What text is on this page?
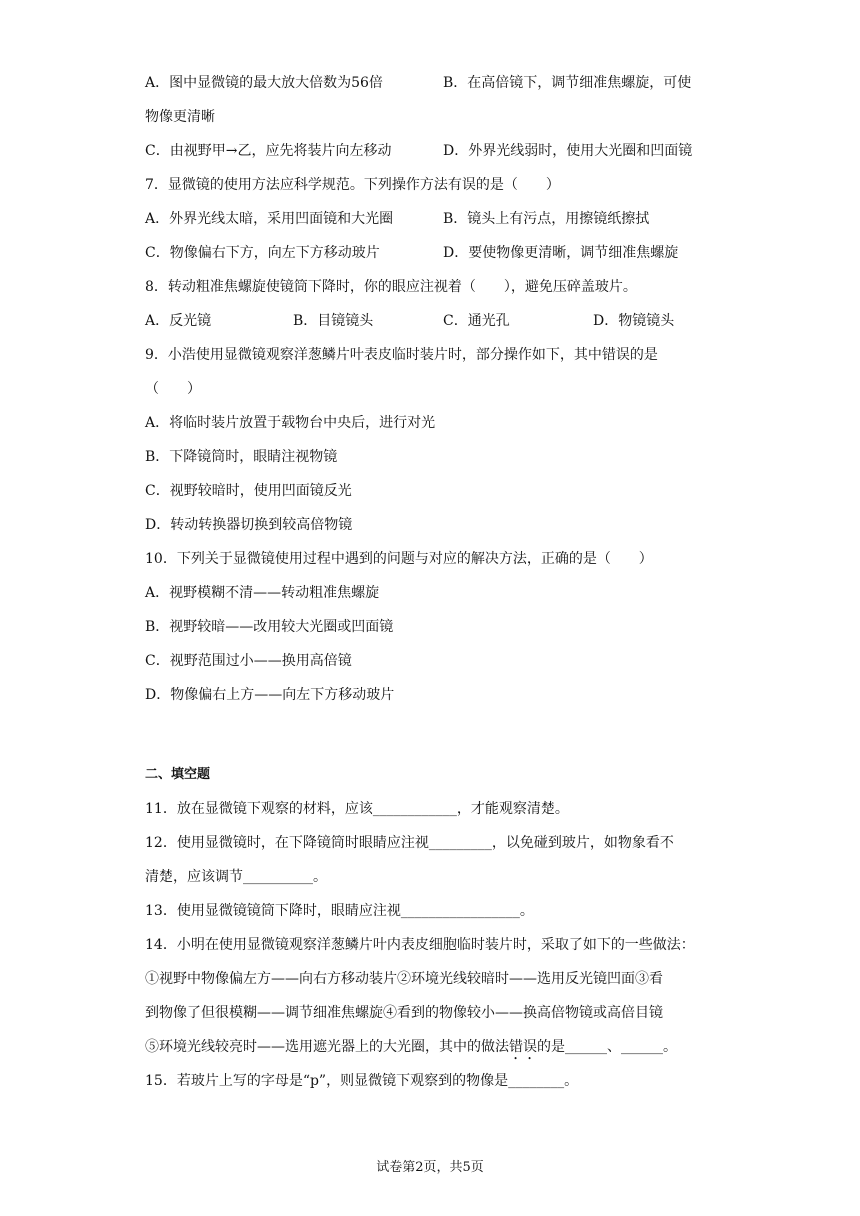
A．图中显微镜的最大放大倍数为56倍	B．在高倍镜下，调节细准焦螺旋，可使
物像更清晰
C．由视野甲→乙，应先将装片向左移动	D．外界光线弱时，使用大光圈和凹面镜
7．显微镜的使用方法应科学规范。下列操作方法有误的是（　　）
A．外界光线太暗，采用凹面镜和大光圈	B．镜头上有污点，用擦镜纸擦拭
C．物像偏右下方，向左下方移动玻片	D．要使物像更清晰，调节细准焦螺旋
8．转动粗准焦螺旋使镜筒下降时，你的眼应注视着（　　），避免压碎盖玻片。
A．反光镜	B．目镜镜头	C．通光孔	D．物镜镜头
9．小浩使用显微镜观察洋葱鳞片叶表皮临时装片时，部分操作如下，其中错误的是
（　　）
A．将临时装片放置于载物台中央后，进行对光
B．下降镜筒时，眼睛注视物镜
C．视野较暗时，使用凹面镜反光
D．转动转换器切换到较高倍物镜
10．下列关于显微镜使用过程中遇到的问题与对应的解决方法，正确的是（　　）
A．视野模糊不清——转动粗准焦螺旋
B．视野较暗——改用较大光圈或凹面镜
C．视野范围过小——换用高倍镜
D．物像偏右上方——向左下方移动玻片
二、填空题
11．放在显微镜下观察的材料，应该____________，才能观察清楚。
12．使用显微镜时，在下降镜筒时眼睛应注视_________，以免碰到玻片，如物象看不
清楚，应该调节__________。
13．使用显微镜镜筒下降时，眼睛应注视_________________。
14．小明在使用显微镜观察洋葱鳞片叶内表皮细胞临时装片时，采取了如下的一些做法：
①视野中物像偏左方——向右方移动装片②环境光线较暗时——选用反光镜凹面③看
到物像了但很模糊——调节细准焦螺旋④看到的物像较小——换高倍物镜或高倍目镜
⑤环境光线较亮时——选用遮光器上的大光圈，其中的做法错误的是______、______。
15．若玻片上写的字母是“p”，则显微镜下观察到的物像是________。
试卷第2页，共5页
